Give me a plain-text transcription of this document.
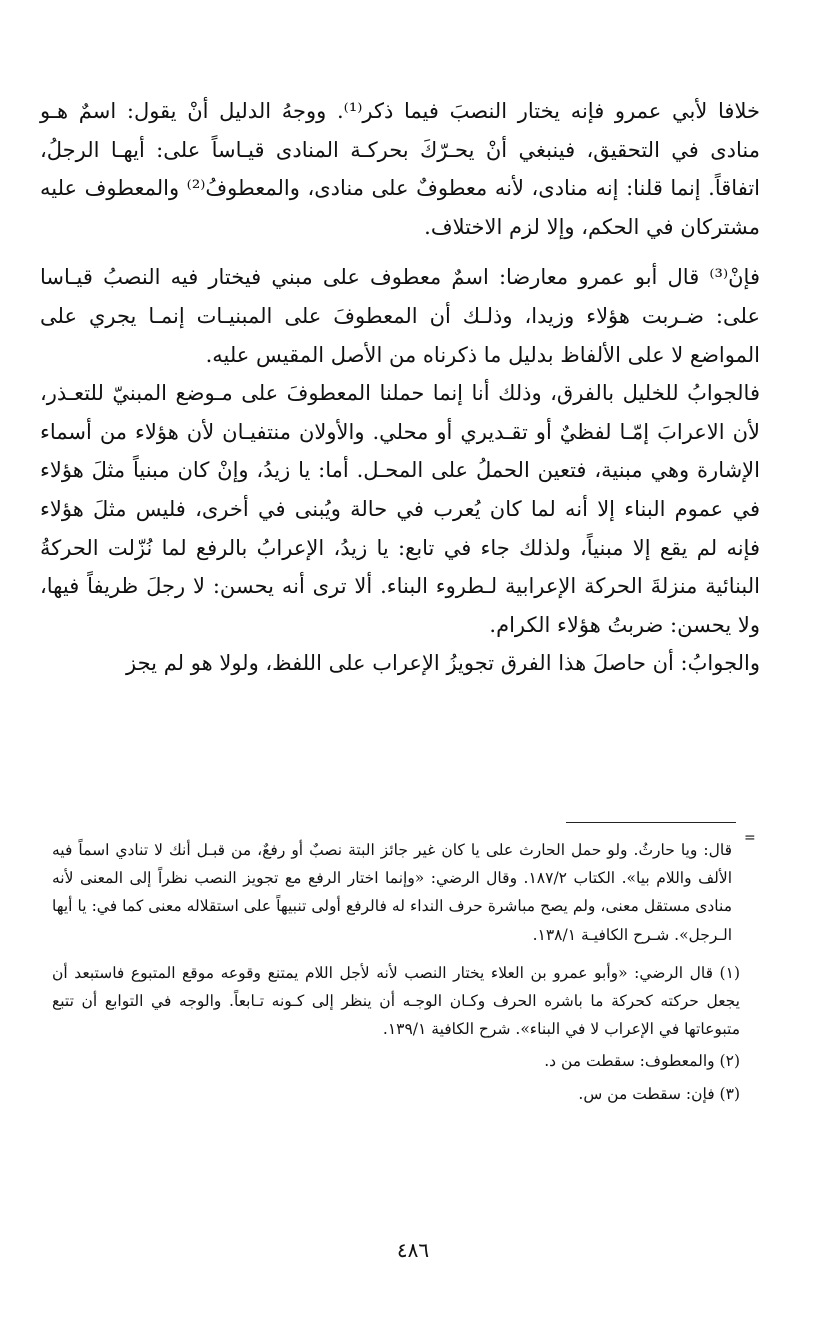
خلافا لأبي عمرو فإنه يختار النصبَ فيما ذكر⁽¹⁾. ووجهُ الدليل أنْ يقول: اسمٌ هـو منادى في التحقيق، فينبغي أنْ يحـرّكَ بحركـة المنادى قيـاساً على: أيهـا الرجلُ، اتفاقاً. إنما قلنا: إنه منادى، لأنه معطوفٌ على منادى، والمعطوفُ⁽²⁾ والمعطوف عليه مشتركان في الحكم، وإلا لزم الاختلاف.

فإنْ⁽³⁾ قال أبو عمرو معارضا: اسمٌ معطوف على مبني فيختار فيه النصبُ قيـاسا على: ضـربت هؤلاء وزيدا، وذلـك أن المعطوفَ على المبنيـات إنمـا يجري على المواضع لا على الألفاظ بدليل ما ذكرناه من الأصل المقيس عليه.

فالجوابُ للخليل بالفرق، وذلك أنا إنما حملنا المعطوفَ على مـوضع المبنيّ للتعـذر، لأن الاعرابَ إمّـا لفظيٌ أو تقـديري أو محلي. والأولان منتفيـان لأن هؤلاء من أسماء الإشارة وهي مبنية، فتعين الحملُ على المحـل. أما: يا زيدُ، وإنْ كان مبنياً مثلَ هؤلاء في عموم البناء إلا أنه لما كان يُعرب في حالة ويُبنى في أخرى، فليس مثلَ هؤلاء فإنه لم يقع إلا مبنياً، ولذلك جاء في تابع: يا زيدُ، الإعرابُ بالرفع لما نُزّلت الحركةُ البنائية منزلةَ الحركة الإعرابية لـطروء البناء. ألا ترى أنه يحسن: لا رجلَ ظريفاً فيها، ولا يحسن: ضربتُ هؤلاء الكرام.

والجوابُ: أن حاصلَ هذا الفرق تجويزُ الإعراب على اللفظ، ولولا هو لم يجز

=

قال: ويا حارثُ. ولو حمل الحارث على يا كان غير جائز البتة نصبٌ أو رفعٌ، من قبـل أنك لا تنادي اسماً فيه الألف واللام بيا». الكتاب ١٨٧/٢. وقال الرضي: «وإنما اختار الرفع مع تجويز النصب نظراً إلى المعنى لأنه منادى مستقل معنى، ولم يصح مباشرة حرف النداء له فالرفع أولى تنبيهاً على استقلاله معنى كما في: يا أيها الـرجل». شـرح الكافيـة ١٣٨/١.

(١) قال الرضي: «وأبو عمرو بن العلاء يختار النصب لأنه لأجل اللام يمتنع وقوعه موقع المتبوع فاستبعد أن يجعل حركته كحركة ما باشره الحرف وكـان الوجـه أن ينظر إلى كـونه تـابعاً. والوجه في التوابع أن تتبع متبوعاتها في الإعراب لا في البناء». شرح الكافية ١٣٩/١.

(٢) والمعطوف: سقطت من د.

(٣) فإن: سقطت من س.

٤٨٦
